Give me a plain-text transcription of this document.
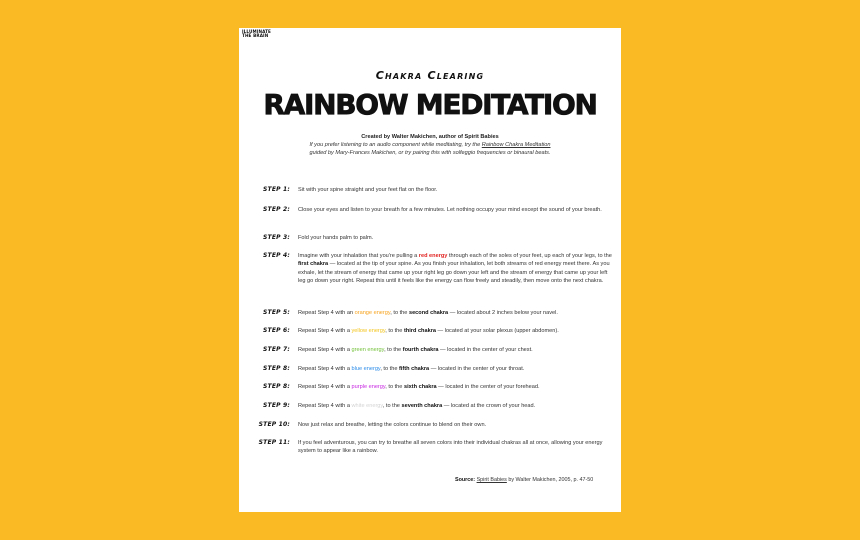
ILLUMINATE
THE BRAIN
Chakra Clearing
RAINBOW MEDITATION
Created by Walter Makichen, author of Spirit Babies
If you prefer listening to an audio component while meditating, try the Rainbow Chakra Meditation
guided by Mary-Frances Makichen, or try pairing this with solfeggio frequencies or binaural beats.
STEP 1: Sit with your spine straight and your feet flat on the floor.
STEP 2: Close your eyes and listen to your breath for a few minutes. Let nothing occupy your mind except the sound of your breath.
STEP 3: Fold your hands palm to palm.
STEP 4: Imagine with your inhalation that you're pulling a red energy through each of the soles of your feet, up each of your legs, to the first chakra — located at the tip of your spine. As you finish your inhalation, let both streams of red energy meet there. As you exhale, let the stream of energy that came up your right leg go down your left and the stream of energy that came up your left leg go down your right. Repeat this until it feels like the energy can flow freely and steadily, then move onto the next chakra.
STEP 5: Repeat Step 4 with an orange energy, to the second chakra — located about 2 inches below your navel.
STEP 6: Repeat Step 4 with a yellow energy, to the third chakra — located at your solar plexus (upper abdomen).
STEP 7: Repeat Step 4 with a green energy, to the fourth chakra — located in the center of your chest.
STEP 8: Repeat Step 4 with a blue energy, to the fifth chakra — located in the center of your throat.
STEP 8: Repeat Step 4 with a purple energy, to the sixth chakra — located in the center of your forehead.
STEP 9: Repeat Step 4 with a white energy, to the seventh chakra — located at the crown of your head.
STEP 10: Now just relax and breathe, letting the colors continue to blend on their own.
STEP 11: If you feel adventurous, you can try to breathe all seven colors into their individual chakras all at once, allowing your energy system to appear like a rainbow.
Source: Spirit Babies by Walter Makichen, 2005, p. 47-50
